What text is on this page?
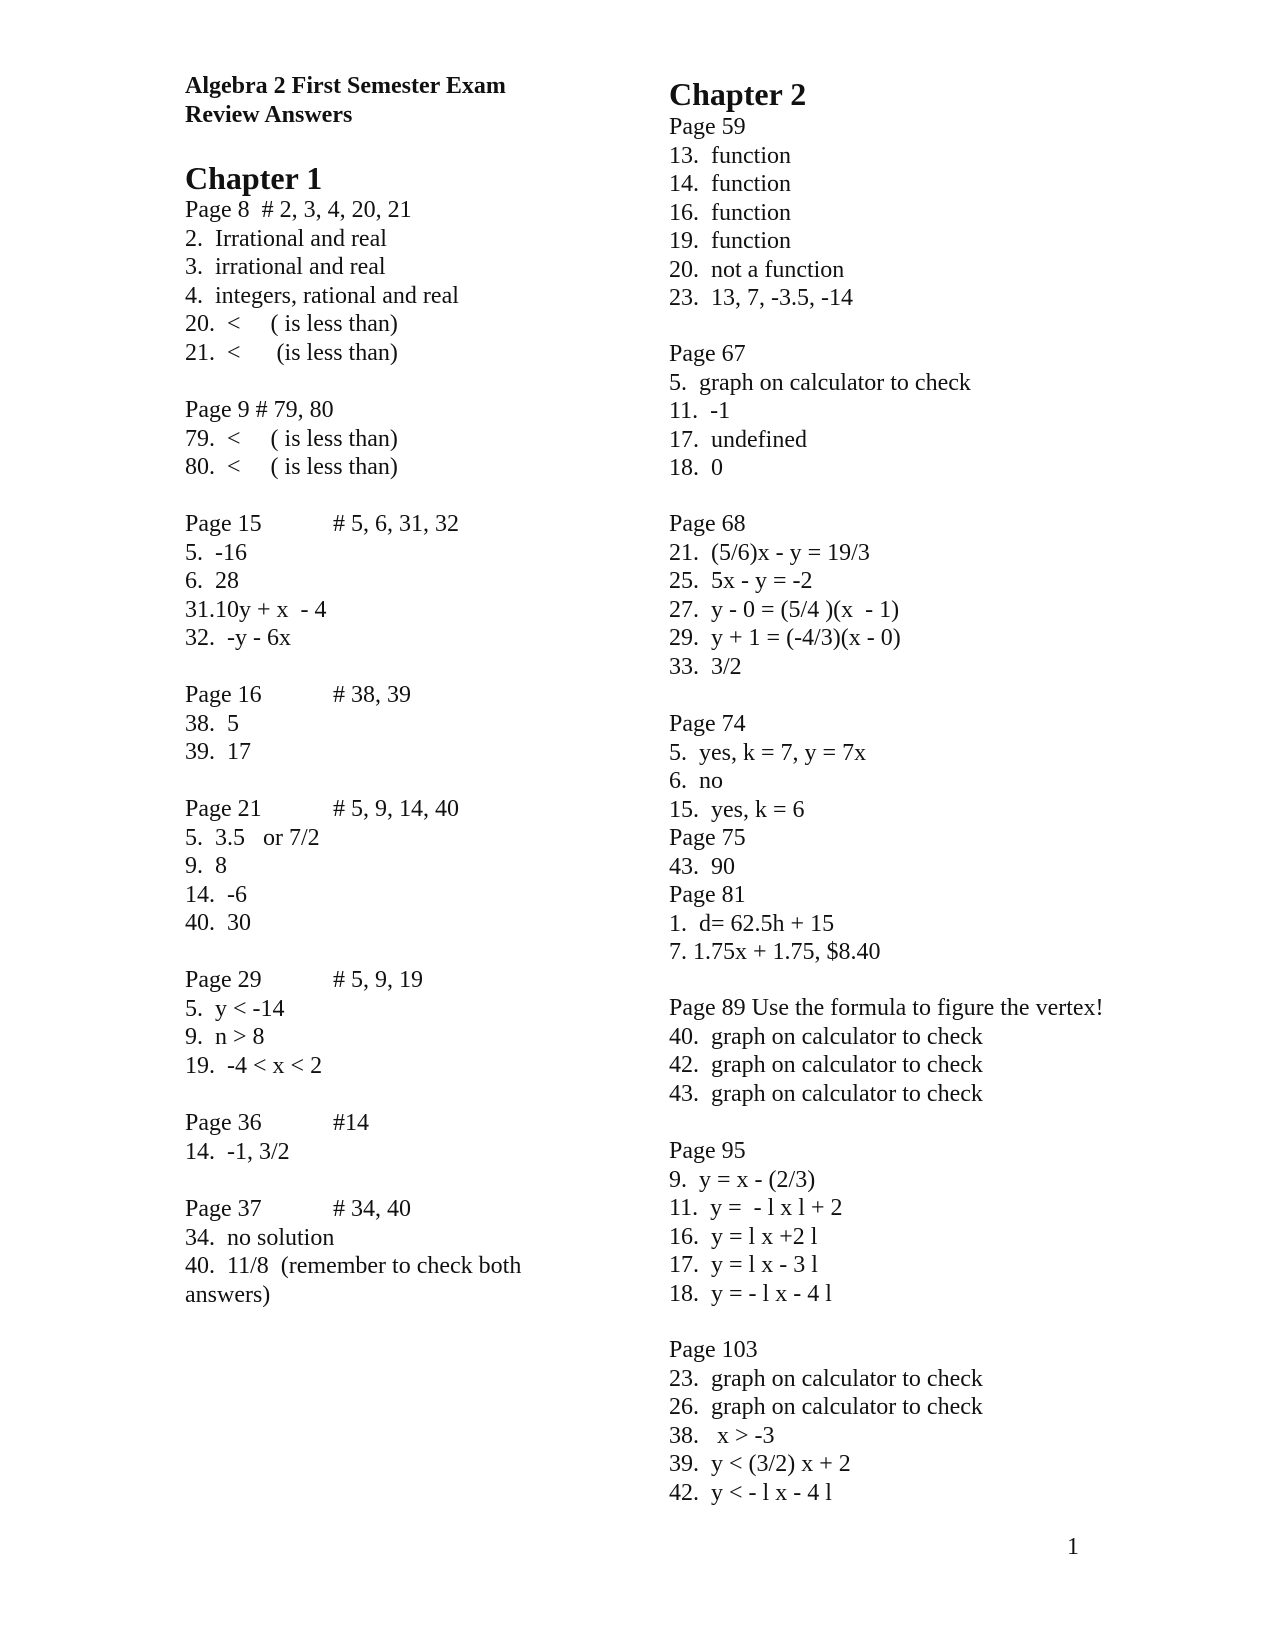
Algebra 2 First Semester Exam
Review Answers
Chapter 1
Page 8  # 2, 3, 4, 20, 21
2.  Irrational and real
3.  irrational and real
4.  integers, rational and real
20.  <     ( is less than)
21.  <      (is less than)
Page 9 # 79, 80
79.  <     ( is less than)
80.  <     ( is less than)
Page 15	# 5, 6, 31, 32
5.  -16
6.  28
31.10y + x  - 4
32.  -y - 6x
Page 16	# 38, 39
38.  5
39.  17
Page 21	# 5, 9, 14, 40
5.  3.5   or 7/2
9.  8
14.  -6
40.  30
Page 29	# 5, 9, 19
5.  y < -14
9.  n > 8
19.  -4 < x < 2
Page 36	#14
14.  -1, 3/2
Page 37	# 34, 40
34.  no solution
40.  11/8  (remember to check both
answers)
Chapter 2
Page 59
13.  function
14.  function
16.  function
19.  function
20.  not a function
23.  13, 7, -3.5, -14
Page 67
5.  graph on calculator to check
11.  -1
17.  undefined
18.  0
Page 68
21.  (5/6)x - y = 19/3
25.  5x - y = -2
27.  y - 0 = (5/4 )(x  - 1)
29.  y + 1 = (-4/3)(x - 0)
33.  3/2
Page 74
5.  yes, k = 7, y = 7x
6.  no
15.  yes, k = 6
Page 75
43.  90
Page 81
1.  d= 62.5h + 15
7. 1.75x + 1.75, $8.40
Page 89 Use the formula to figure the vertex!
40.  graph on calculator to check
42.  graph on calculator to check
43.  graph on calculator to check
Page 95
9.  y = x - (2/3)
11.  y =  - l x l + 2
16.  y = l x +2 l
17.  y = l x - 3 l
18.  y = - l x - 4 l
Page 103
23.  graph on calculator to check
26.  graph on calculator to check
38.   x > -3
39.  y < (3/2) x + 2
42.  y < - l x - 4 l
1
